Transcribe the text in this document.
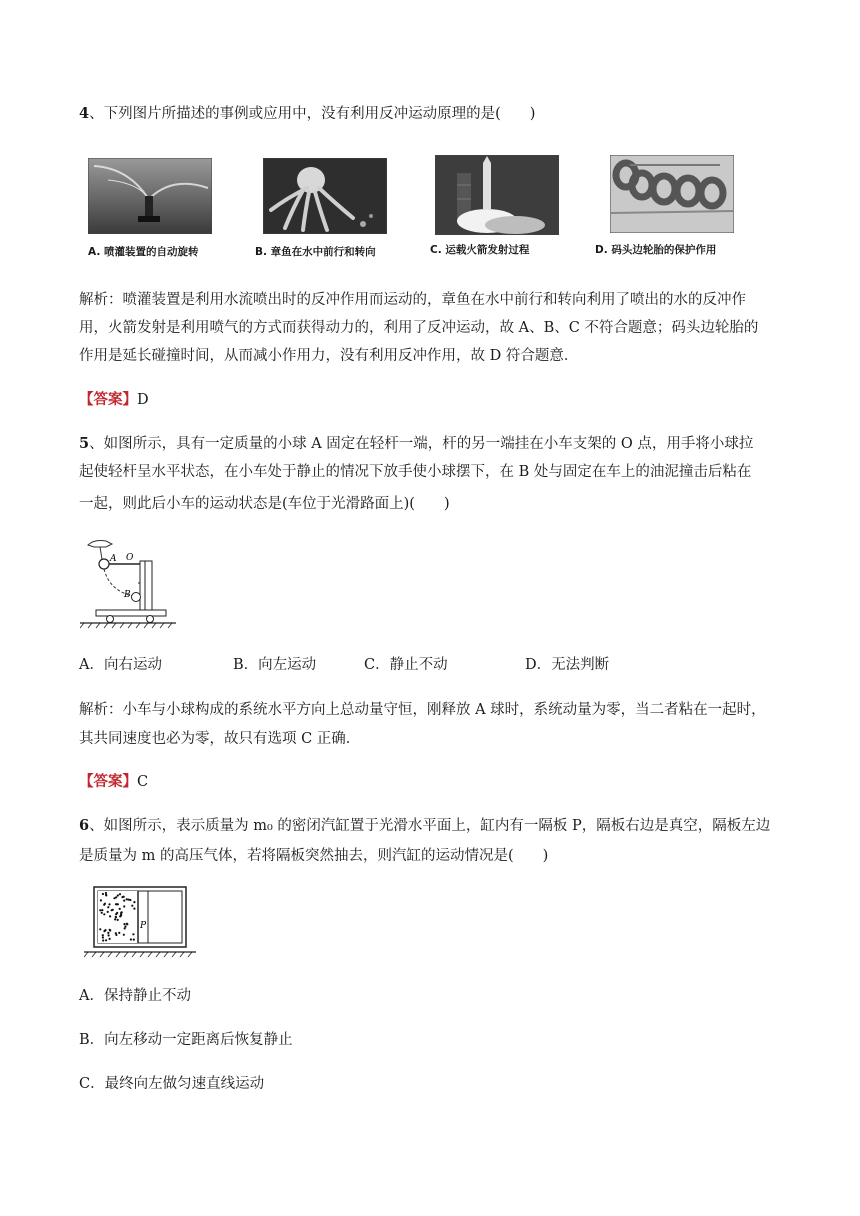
4、下列图片所描述的事例或应用中，没有利用反冲运动原理的是(　　)
A. 喷灌装置的自动旋转	B. 章鱼在水中前行和转向	C. 运载火箭发射过程	D. 码头边轮胎的保护作用
解析：喷灌装置是利用水流喷出时的反冲作用而运动的，章鱼在水中前行和转向利用了喷出的水的反冲作
用，火箭发射是利用喷气的方式而获得动力的，利用了反冲运动，故 A、B、C 不符合题意；码头边轮胎的
作用是延长碰撞时间，从而减小作用力，没有利用反冲作用，故 D 符合题意．
【答案】D
5、如图所示，具有一定质量的小球 A 固定在轻杆一端，杆的另一端挂在小车支架的 O 点，用手将小球拉
起使轻杆呈水平状态，在小车处于静止的情况下放手使小球摆下，在 B 处与固定在车上的油泥撞击后粘在
一起，则此后小车的运动状态是(车位于光滑路面上)(　　)
A O
B
A．向右运动	B．向左运动	C．静止不动	D．无法判断
解析：小车与小球构成的系统水平方向上总动量守恒，刚释放 A 球时，系统动量为零，当二者粘在一起时，
其共同速度也必为零，故只有选项 C 正确．
【答案】C
6、如图所示，表示质量为 m₀ 的密闭汽缸置于光滑水平面上，缸内有一隔板 P，隔板右边是真空，隔板左边
是质量为 m 的高压气体，若将隔板突然抽去，则汽缸的运动情况是(　　)
P
A．保持静止不动
B．向左移动一定距离后恢复静止
C．最终向左做匀速直线运动
